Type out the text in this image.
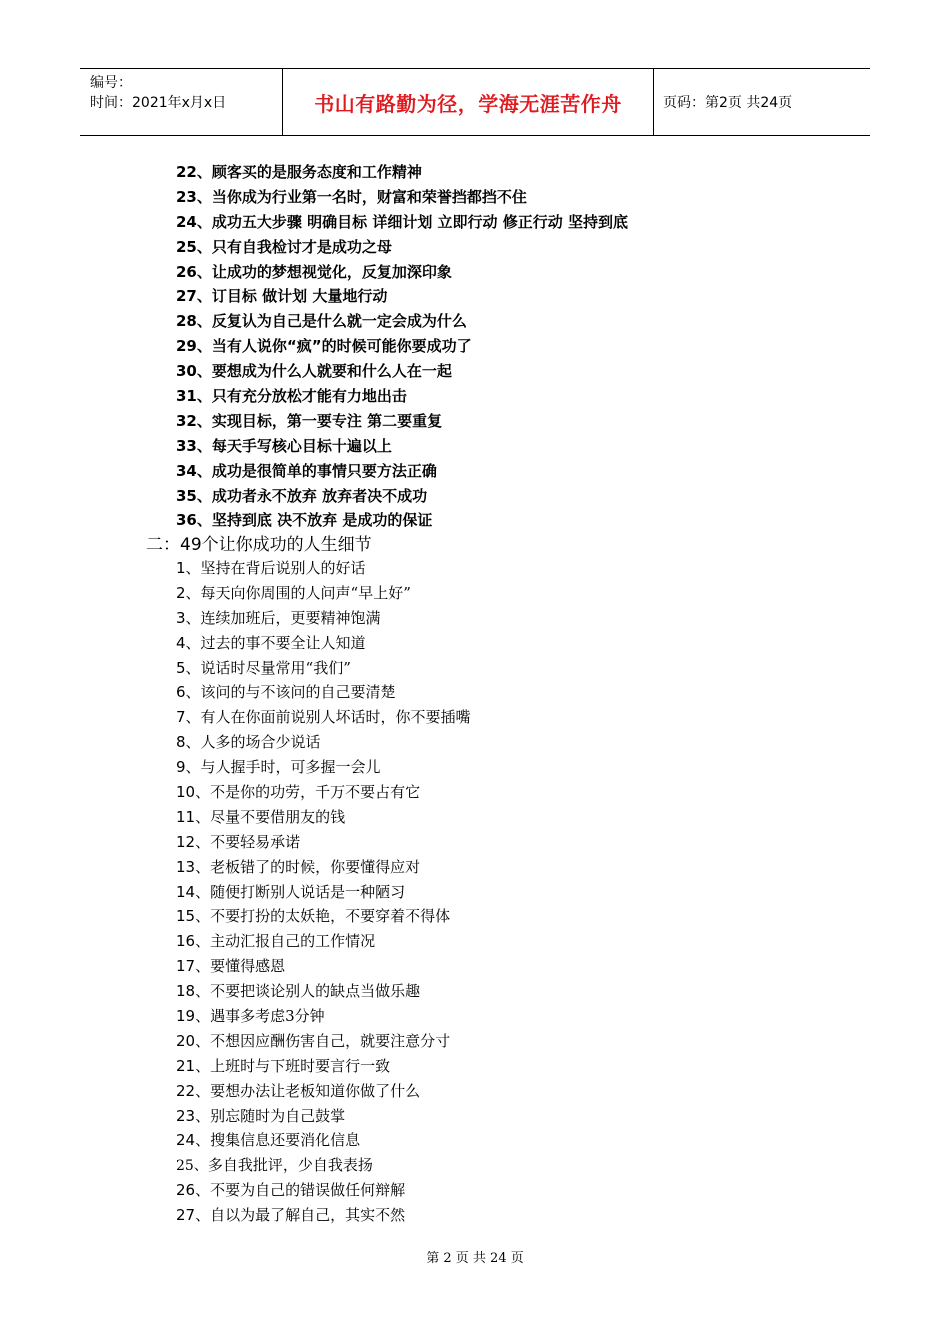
编号：
时间：2021年x月x日	书山有路勤为径，学海无涯苦作舟	页码：第2页 共24页
22、顾客买的是服务态度和工作精神
23、当你成为行业第一名时，财富和荣誉挡都挡不住
24、成功五大步骤 明确目标 详细计划 立即行动 修正行动 坚持到底
25、只有自我检讨才是成功之母
26、让成功的梦想视觉化，反复加深印象
27、订目标 做计划 大量地行动
28、反复认为自己是什么就一定会成为什么
29、当有人说你“疯”的时候可能你要成功了
30、要想成为什么人就要和什么人在一起
31、只有充分放松才能有力地出击
32、实现目标，第一要专注 第二要重复
33、每天手写核心目标十遍以上
34、成功是很简单的事情只要方法正确
35、成功者永不放弃 放弃者决不成功
36、坚持到底 决不放弃 是成功的保证
二：49个让你成功的人生细节
1、坚持在背后说别人的好话
2、每天向你周围的人问声“早上好”
3、连续加班后，更要精神饱满
4、过去的事不要全让人知道
5、说话时尽量常用“我们”
6、该问的与不该问的自己要清楚
7、有人在你面前说别人坏话时，你不要插嘴
8、人多的场合少说话
9、与人握手时，可多握一会儿
10、不是你的功劳，千万不要占有它
11、尽量不要借朋友的钱
12、不要轻易承诺
13、老板错了的时候，你要懂得应对
14、随便打断别人说话是一种陋习
15、不要打扮的太妖艳，不要穿着不得体
16、主动汇报自己的工作情况
17、要懂得感恩
18、不要把谈论别人的缺点当做乐趣
19、遇事多考虑3分钟
20、不想因应酬伤害自己，就要注意分寸
21、上班时与下班时要言行一致
22、要想办法让老板知道你做了什么
23、别忘随时为自己鼓掌
24、搜集信息还要消化信息
25、多自我批评，少自我表扬
26、不要为自己的错误做任何辩解
27、自以为最了解自己，其实不然
第 2 页 共 24 页
